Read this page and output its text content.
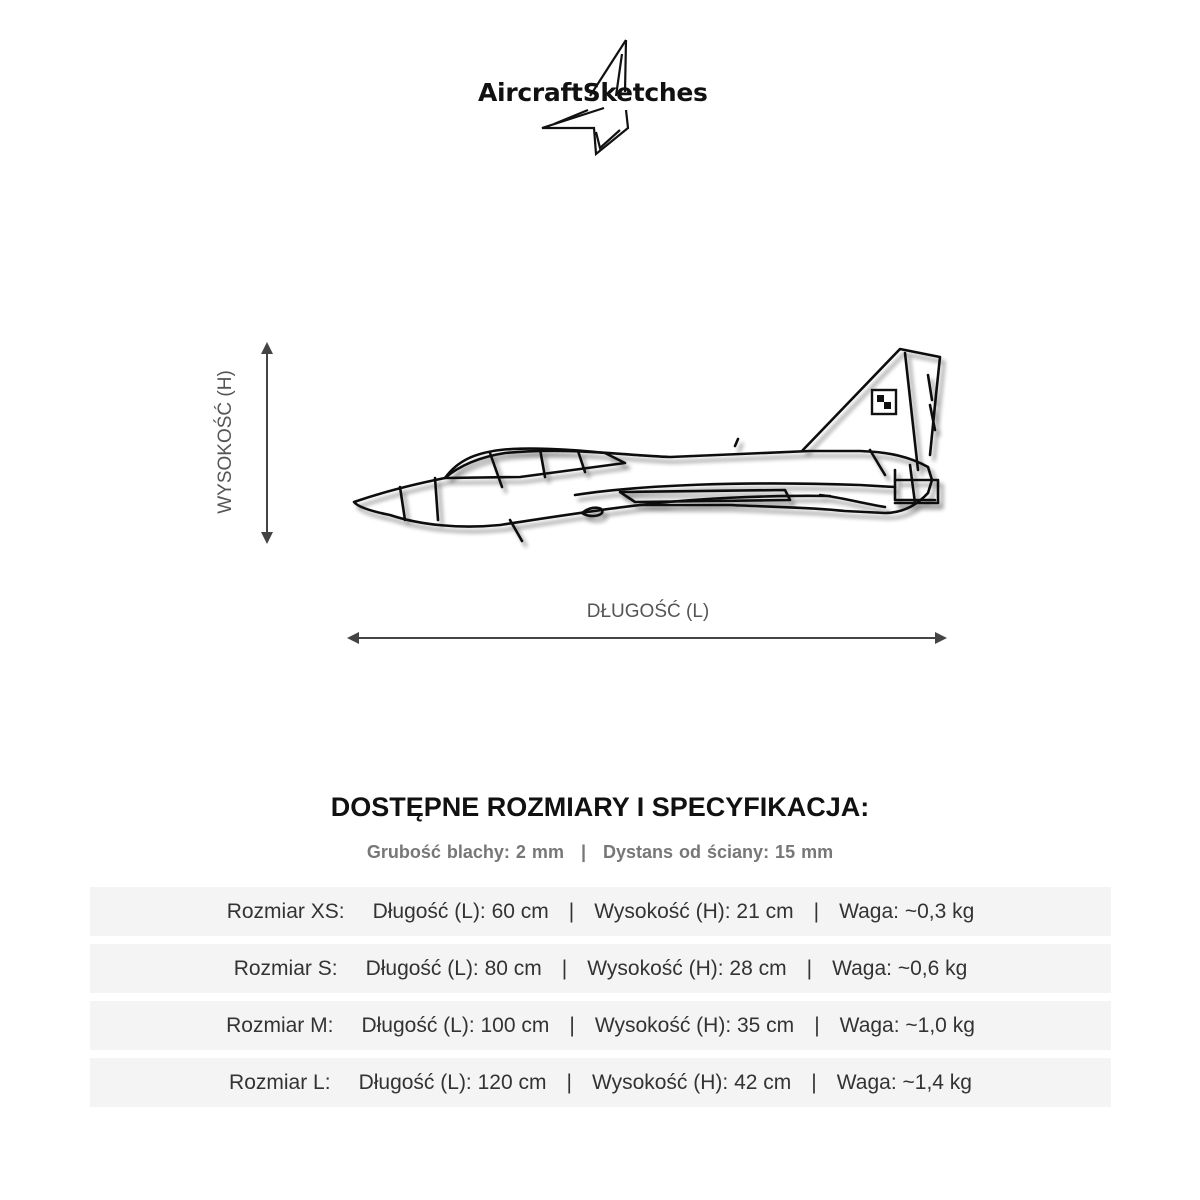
AircraftSketches
WYSOKOŚĆ (H)
DŁUGOŚĆ (L)
DOSTĘPNE ROZMIARY I SPECYFIKACJA:
Grubość blachy: 2 mm | Dystans od ściany: 15 mm
Rozmiar XS: Długość (L): 60 cm | Wysokość (H): 21 cm | Waga: ~0,3 kg
Rozmiar S: Długość (L): 80 cm | Wysokość (H): 28 cm | Waga: ~0,6 kg
Rozmiar M: Długość (L): 100 cm | Wysokość (H): 35 cm | Waga: ~1,0 kg
Rozmiar L: Długość (L): 120 cm | Wysokość (H): 42 cm | Waga: ~1,4 kg
